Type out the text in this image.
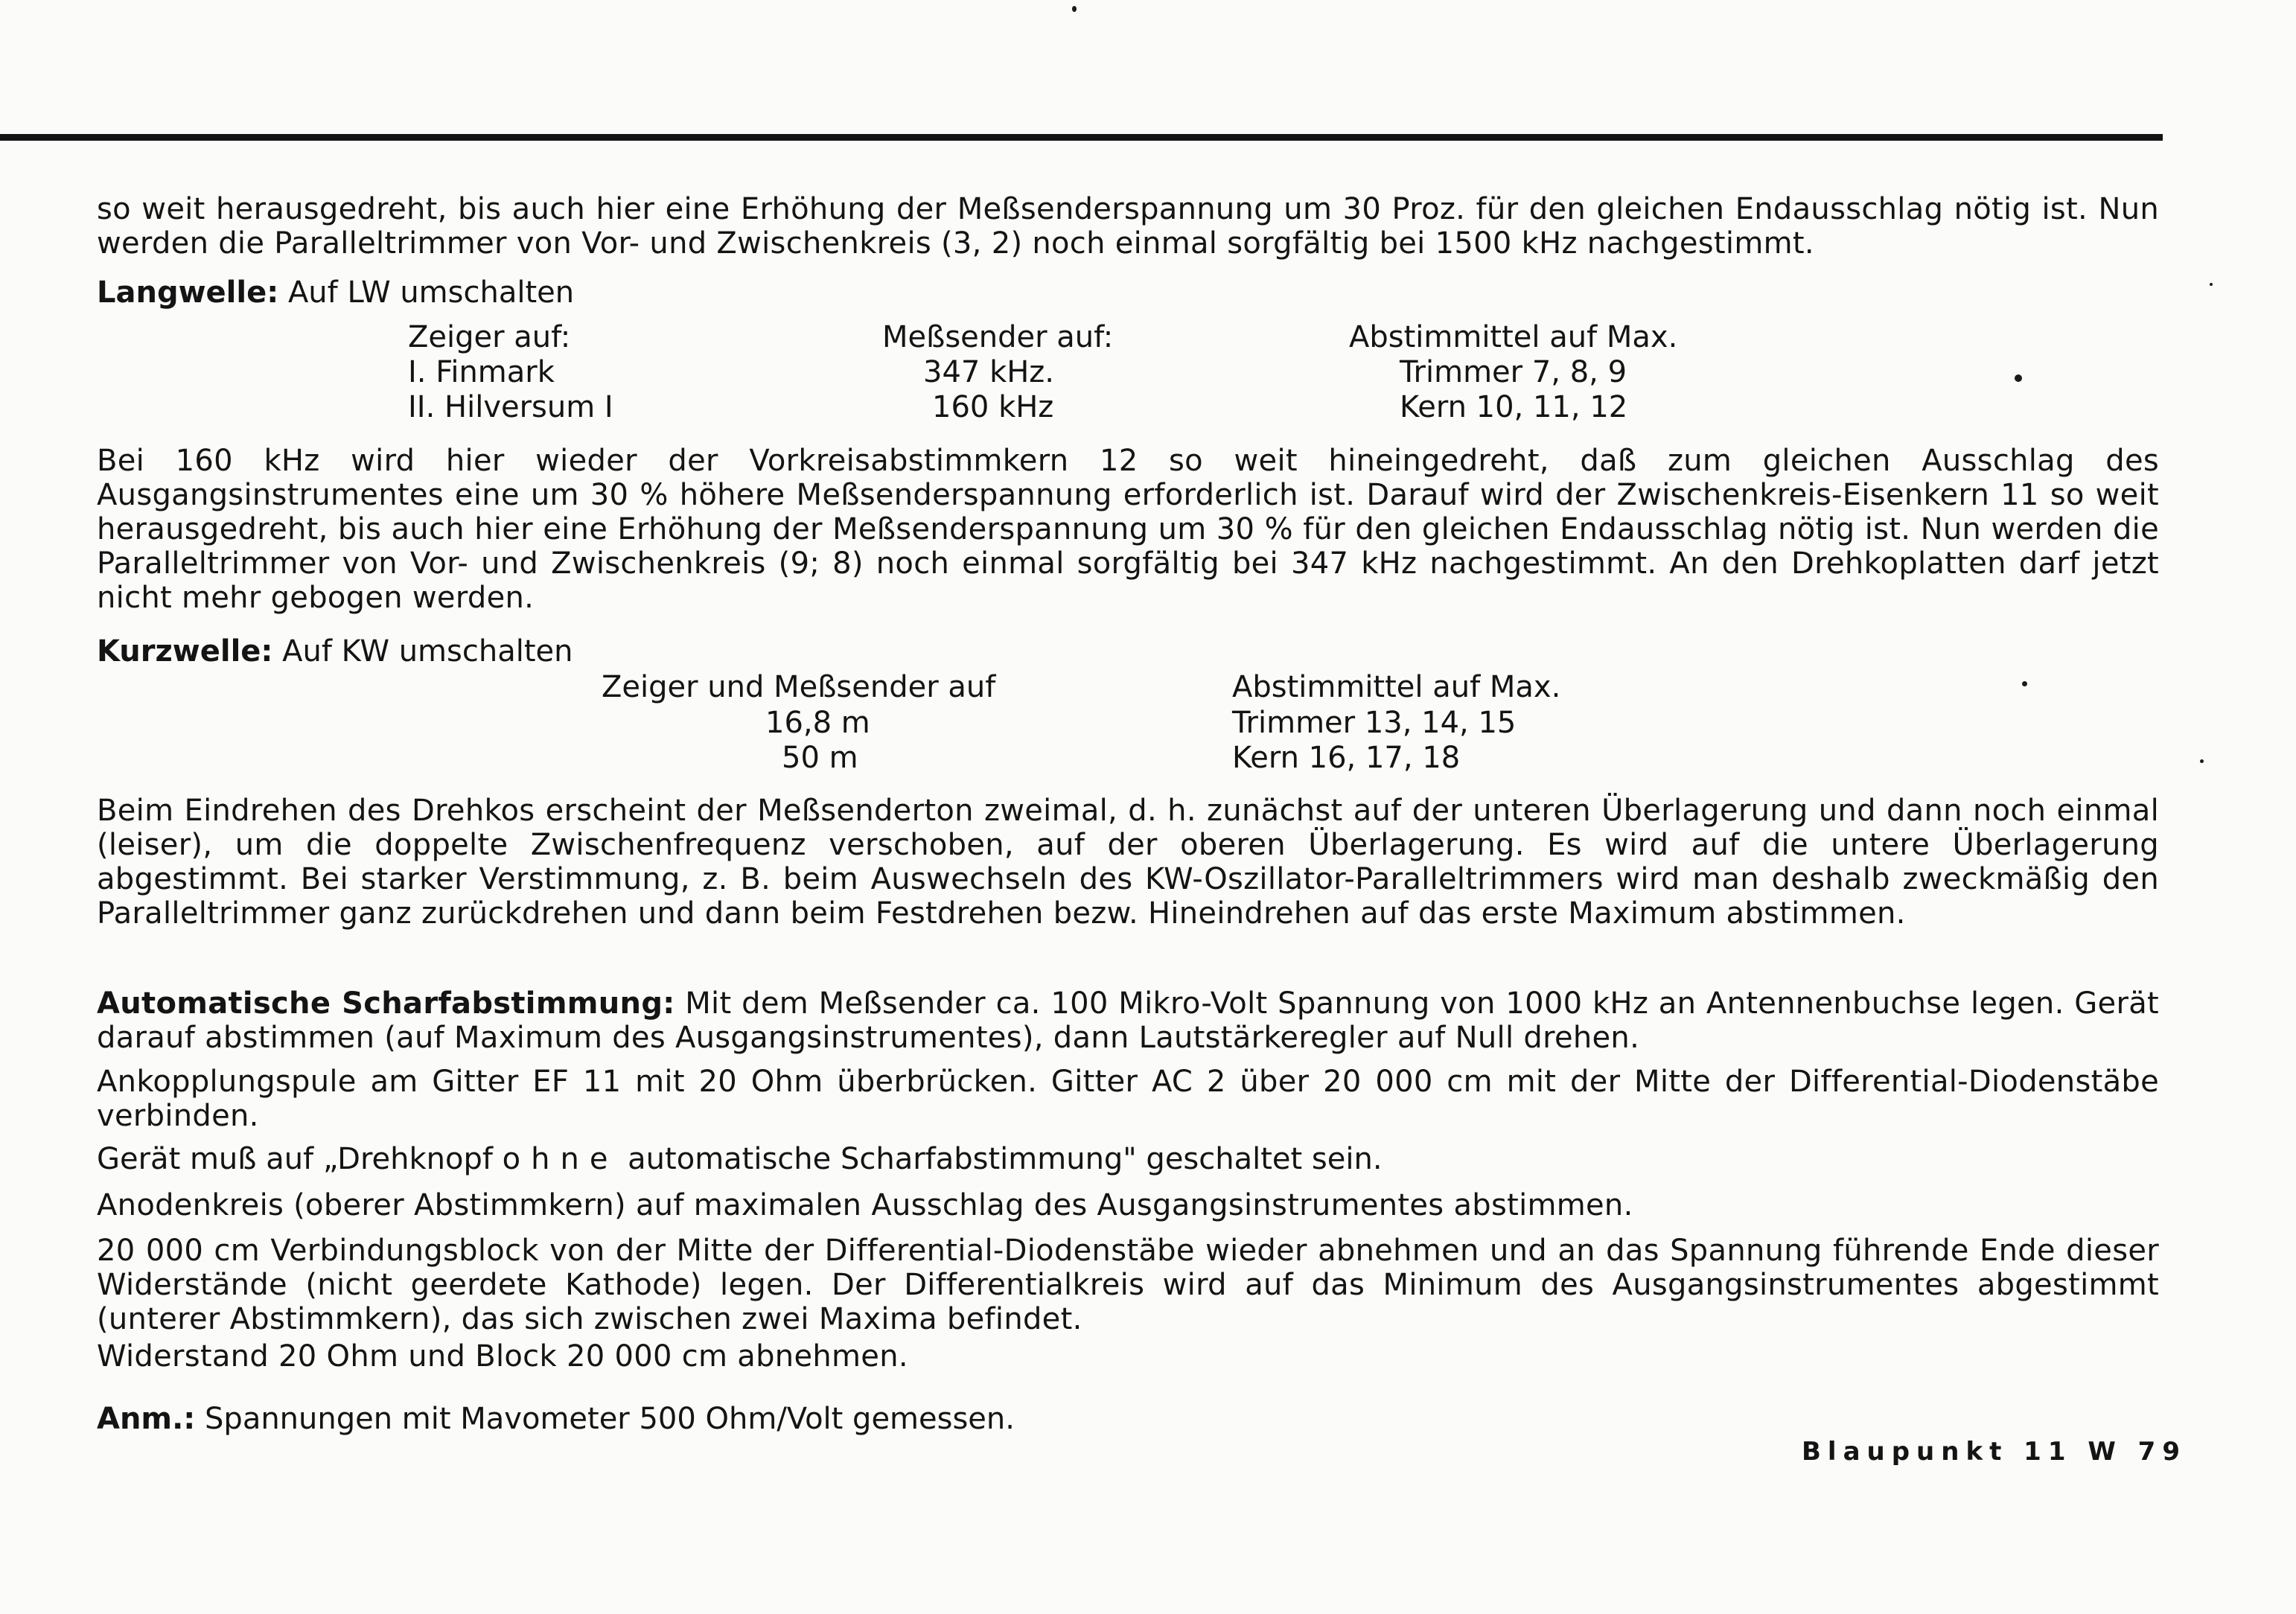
so weit herausgedreht, bis auch hier eine Erhöhung der Meßsenderspannung um 30 Proz. für den gleichen Endausschlag nötig ist. Nun werden die Paralleltrimmer von Vor- und Zwischenkreis (3, 2) noch einmal sorgfältig bei 1500 kHz nachgestimmt.

Langwelle: Auf LW umschalten
Zeiger auf:	Meßsender auf:	Abstimmittel auf Max.
I. Finmark	347 kHz.	Trimmer 7, 8, 9
II. Hilversum I	160 kHz	Kern 10, 11, 12

Bei 160 kHz wird hier wieder der Vorkreisabstimmkern 12 so weit hineingedreht, daß zum gleichen Ausschlag des Ausgangsinstrumentes eine um 30 % höhere Meßsenderspannung erforderlich ist. Darauf wird der Zwischenkreis-Eisenkern 11 so weit herausgedreht, bis auch hier eine Erhöhung der Meßsenderspannung um 30 % für den gleichen Endausschlag nötig ist. Nun werden die Paralleltrimmer von Vor- und Zwischenkreis (9; 8) noch einmal sorgfältig bei 347 kHz nachgestimmt. An den Drehkoplatten darf jetzt nicht mehr gebogen werden.

Kurzwelle: Auf KW umschalten
Zeiger und Meßsender auf	Abstimmittel auf Max.
16,8 m	Trimmer 13, 14, 15
50 m	Kern 16, 17, 18

Beim Eindrehen des Drehkos erscheint der Meßsenderton zweimal, d. h. zunächst auf der unteren Überlagerung und dann noch einmal (leiser), um die doppelte Zwischenfrequenz verschoben, auf der oberen Überlagerung. Es wird auf die untere Überlagerung abgestimmt. Bei starker Verstimmung, z. B. beim Auswechseln des KW-Oszillator-Paralleltrimmers wird man deshalb zweckmäßig den Paralleltrimmer ganz zurückdrehen und dann beim Festdrehen bezw. Hineindrehen auf das erste Maximum abstimmen.

Automatische Scharfabstimmung: Mit dem Meßsender ca. 100 Mikro-Volt Spannung von 1000 kHz an Antennenbuchse legen. Gerät darauf abstimmen (auf Maximum des Ausgangsinstrumentes), dann Lautstärkeregler auf Null drehen.

Ankopplungspule am Gitter EF 11 mit 20 Ohm überbrücken. Gitter AC 2 über 20 000 cm mit der Mitte der Differential-Diodenstäbe verbinden.

Gerät muß auf „Drehknopf ohne automatische Scharfabstimmung" geschaltet sein.

Anodenkreis (oberer Abstimmkern) auf maximalen Ausschlag des Ausgangsinstrumentes abstimmen.

20 000 cm Verbindungsblock von der Mitte der Differential-Diodenstäbe wieder abnehmen und an das Spannung führende Ende dieser Widerstände (nicht geerdete Kathode) legen. Der Differentialkreis wird auf das Minimum des Ausgangsinstrumentes abgestimmt (unterer Abstimmkern), das sich zwischen zwei Maxima befindet.

Widerstand 20 Ohm und Block 20 000 cm abnehmen.

Anm.: Spannungen mit Mavometer 500 Ohm/Volt gemessen.
Blaupunkt 11 W 79
